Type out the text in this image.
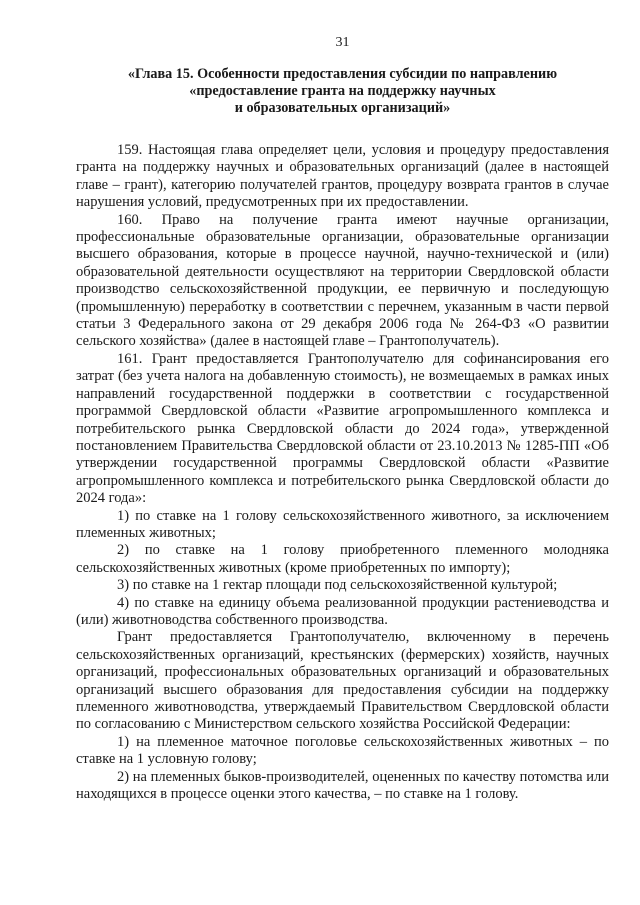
31
«Глава 15. Особенности предоставления субсидии по направлению
«предоставление гранта на поддержку научных
и образовательных организаций»

159. Настоящая глава определяет цели, условия и процедуру предоставления гранта на поддержку научных и образовательных организаций (далее в настоящей главе – грант), категорию получателей грантов, процедуру возврата грантов в случае нарушения условий, предусмотренных при их предоставлении.

160. Право на получение гранта имеют научные организации, профессиональные образовательные организации, образовательные организации высшего образования, которые в процессе научной, научно-технической и (или) образовательной деятельности осуществляют на территории Свердловской области производство сельскохозяйственной продукции, ее первичную и последующую (промышленную) переработку в соответствии с перечнем, указанным в части первой статьи 3 Федерального закона от 29 декабря 2006 года № 264-ФЗ «О развитии сельского хозяйства» (далее в настоящей главе – Грантополучатель).

161. Грант предоставляется Грантополучателю для софинансирования его затрат (без учета налога на добавленную стоимость), не возмещаемых в рамках иных направлений государственной поддержки в соответствии с государственной программой Свердловской области «Развитие агропромышленного комплекса и потребительского рынка Свердловской области до 2024 года», утвержденной постановлением Правительства Свердловской области от 23.10.2013 № 1285-ПП «Об утверждении государственной программы Свердловской области «Развитие агропромышленного комплекса и потребительского рынка Свердловской области до 2024 года»:

1) по ставке на 1 голову сельскохозяйственного животного, за исключением племенных животных;

2) по ставке на 1 голову приобретенного племенного молодняка сельскохозяйственных животных (кроме приобретенных по импорту);

3) по ставке на 1 гектар площади под сельскохозяйственной культурой;

4) по ставке на единицу объема реализованной продукции растениеводства и (или) животноводства собственного производства.

Грант предоставляется Грантополучателю, включенному в перечень сельскохозяйственных организаций, крестьянских (фермерских) хозяйств, научных организаций, профессиональных образовательных организаций и образовательных организаций высшего образования для предоставления субсидии на поддержку племенного животноводства, утверждаемый Правительством Свердловской области по согласованию с Министерством сельского хозяйства Российской Федерации:

1) на племенное маточное поголовье сельскохозяйственных животных – по ставке на 1 условную голову;

2) на племенных быков-производителей, оцененных по качеству потомства или находящихся в процессе оценки этого качества, – по ставке на 1 голову.
